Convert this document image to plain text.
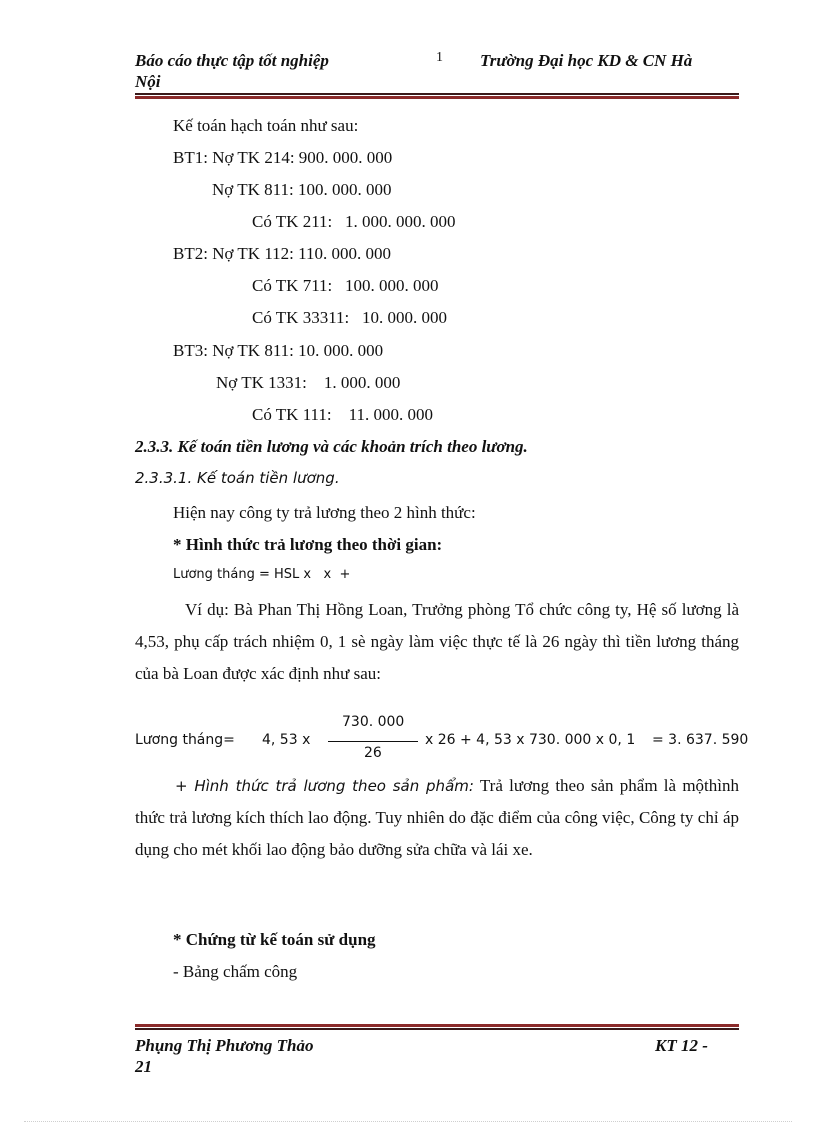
Báo cáo thực tập tốt nghiệp
Nội
1 Trường Đại học KD & CN Hà
Kế toán hạch toán như sau:
BT1: Nợ TK 214: 900. 000. 000
Nợ TK 811: 100. 000. 000
Có TK 211:   1. 000. 000. 000
BT2: Nợ TK 112: 110. 000. 000
Có TK 711:   100. 000. 000
Có TK 33311:   10. 000. 000
BT3: Nợ TK 811: 10. 000. 000
Nợ TK 1331:    1. 000. 000
Có TK 111:    11. 000. 000
2.3.3. Kế toán tiền lương và các khoản trích theo lương.
2.3.3.1. Kế toán tiền lương.
Hiện nay công ty trả lương theo 2 hình thức:
* Hình thức trả lương theo thời gian:
Lương tháng = HSL x   x  +
Ví dụ: Bà Phan Thị Hồng Loan, Trưởng phòng Tổ chức công ty, Hệ số lương là 4,53, phụ cấp trách nhiệm 0, 1 sè ngày làm việc thực tế là 26 ngày thì tiền lương tháng của bà Loan được xác định như sau:
Lương tháng= 4, 53 x
730. 000
26
x 26 + 4, 53 x 730. 000 x 0, 1 = 3. 637. 590
+ Hình thức trả lương theo sản phẩm: Trả lương theo sản phẩm là mộthình thức trả lương kích thích lao động. Tuy nhiên do đặc điểm của công việc, Công ty chỉ áp dụng cho mét khối lao động bảo dưỡng sửa chữa và lái xe.
* Chứng từ kế toán sử dụng
- Bảng chấm công
Phụng Thị Phương Thảo	KT 12 -
21
